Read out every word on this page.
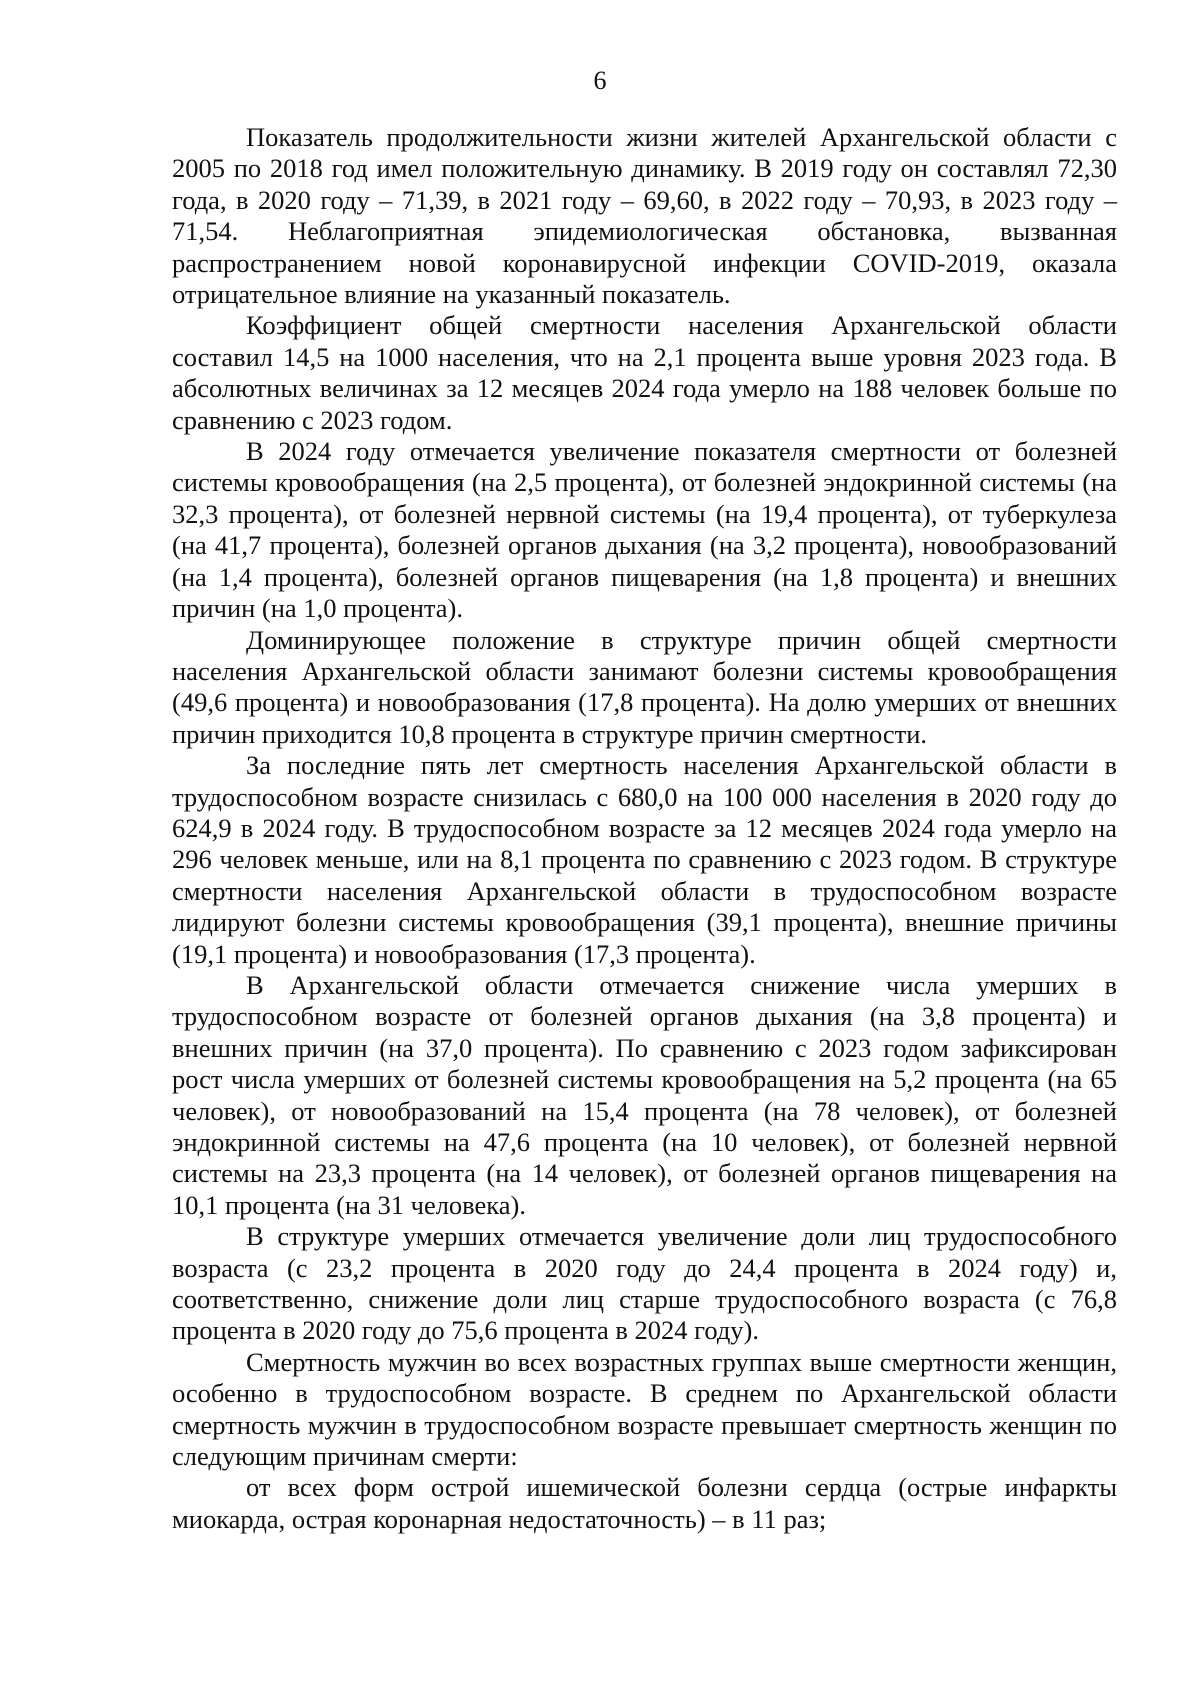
6

Показатель продолжительности жизни жителей Архангельской области с 2005 по 2018 год имел положительную динамику. В 2019 году он составлял 72,30 года, в 2020 году – 71,39, в 2021 году – 69,60, в 2022 году – 70,93, в 2023 году – 71,54. Неблагоприятная эпидемиологическая обстановка, вызванная распространением новой коронавирусной инфекции COVID-2019, оказала отрицательное влияние на указанный показатель.

Коэффициент общей смертности населения Архангельской области составил 14,5 на 1000 населения, что на 2,1 процента выше уровня 2023 года. В абсолютных величинах за 12 месяцев 2024 года умерло на 188 человек больше по сравнению с 2023 годом.

В 2024 году отмечается увеличение показателя смертности от болезней системы кровообращения (на 2,5 процента), от болезней эндокринной системы (на 32,3 процента), от болезней нервной системы (на 19,4 процента), от туберкулеза (на 41,7 процента), болезней органов дыхания (на 3,2 процента), новообразований (на 1,4 процента), болезней органов пищеварения (на 1,8 процента) и внешних причин (на 1,0 процента).

Доминирующее положение в структуре причин общей смертности населения Архангельской области занимают болезни системы кровообращения (49,6 процента) и новообразования (17,8 процента). На долю умерших от внешних причин приходится 10,8 процента в структуре причин смертности.

За последние пять лет смертность населения Архангельской области в трудоспособном возрасте снизилась с 680,0 на 100 000 населения в 2020 году до 624,9 в 2024 году. В трудоспособном возрасте за 12 месяцев 2024 года умерло на 296 человек меньше, или на 8,1 процента по сравнению с 2023 годом. В структуре смертности населения Архангельской области в трудоспособном возрасте лидируют болезни системы кровообращения (39,1 процента), внешние причины (19,1 процента) и новообразования (17,3 процента).

В Архангельской области отмечается снижение числа умерших в трудоспособном возрасте от болезней органов дыхания (на 3,8 процента) и внешних причин (на 37,0 процента). По сравнению с 2023 годом зафиксирован рост числа умерших от болезней системы кровообращения на 5,2 процента (на 65 человек), от новообразований на 15,4 процента (на 78 человек), от болезней эндокринной системы на 47,6 процента (на 10 человек), от болезней нервной системы на 23,3 процента (на 14 человек), от болезней органов пищеварения на 10,1 процента (на 31 человека).

В структуре умерших отмечается увеличение доли лиц трудоспособного возраста (с 23,2 процента в 2020 году до 24,4 процента в 2024 году) и, соответственно, снижение доли лиц старше трудоспособного возраста (с 76,8 процента в 2020 году до 75,6 процента в 2024 году).

Смертность мужчин во всех возрастных группах выше смертности женщин, особенно в трудоспособном возрасте. В среднем по Архангельской области смертность мужчин в трудоспособном возрасте превышает смертность женщин по следующим причинам смерти:

от всех форм острой ишемической болезни сердца (острые инфаркты миокарда, острая коронарная недостаточность) – в 11 раз;
